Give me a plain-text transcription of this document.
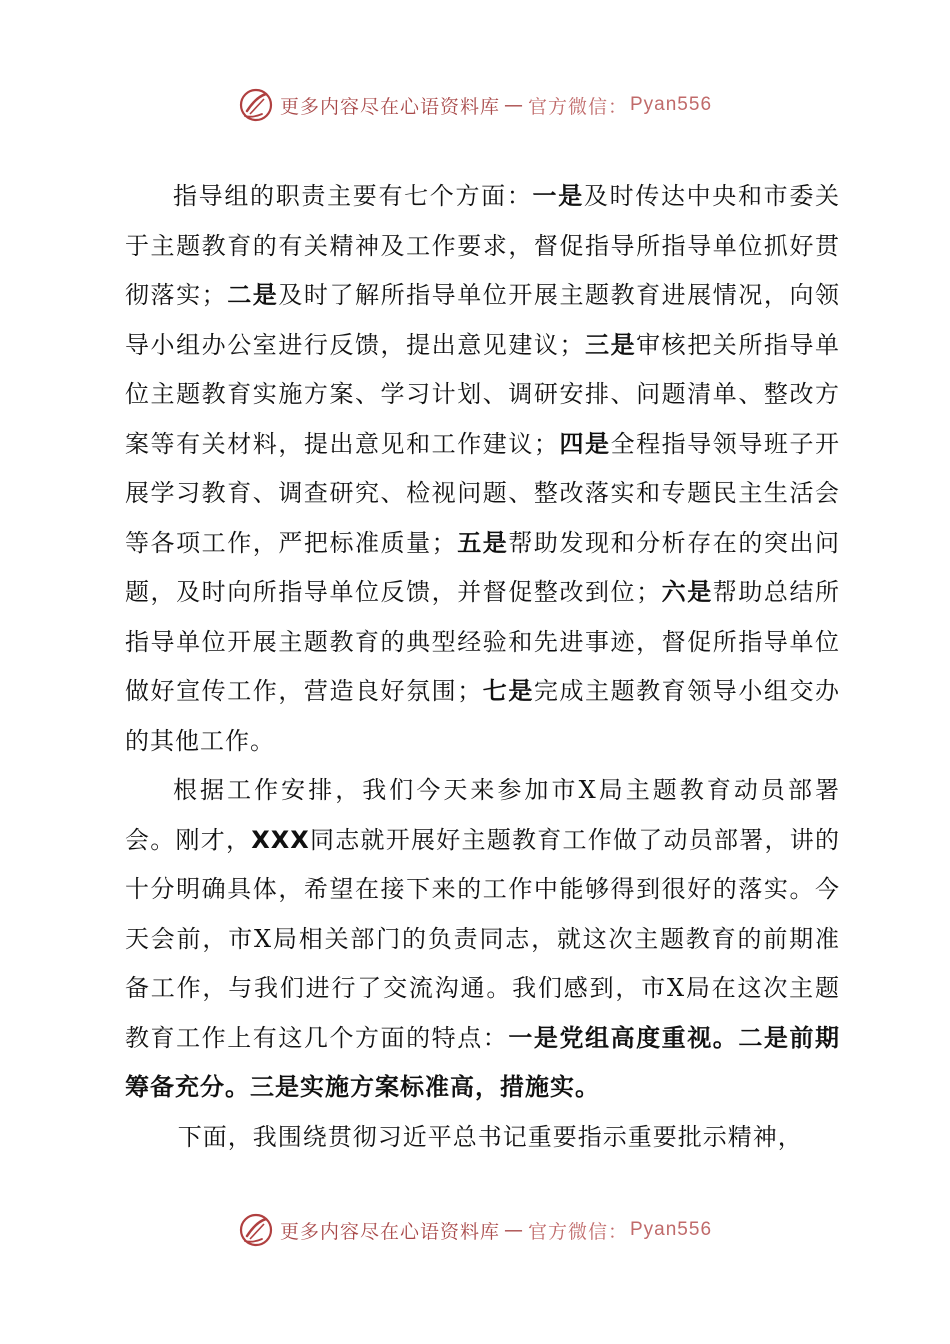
更多内容尽在心语资料库 — 官方微信： Pyan556

指导组的职责主要有七个方面：一是及时传达中央和市委关于主题教育的有关精神及工作要求，督促指导所指导单位抓好贯彻落实；二是及时了解所指导单位开展主题教育进展情况，向领导小组办公室进行反馈，提出意见建议；三是审核把关所指导单位主题教育实施方案、学习计划、调研安排、问题清单、整改方案等有关材料，提出意见和工作建议；四是全程指导领导班子开展学习教育、调查研究、检视问题、整改落实和专题民主生活会等各项工作，严把标准质量；五是帮助发现和分析存在的突出问题，及时向所指导单位反馈，并督促整改到位；六是帮助总结所指导单位开展主题教育的典型经验和先进事迹，督促所指导单位做好宣传工作，营造良好氛围；七是完成主题教育领导小组交办的其他工作。

根据工作安排，我们今天来参加市X局主题教育动员部署会。刚才，XXX同志就开展好主题教育工作做了动员部署，讲的十分明确具体，希望在接下来的工作中能够得到很好的落实。今天会前，市X局相关部门的负责同志，就这次主题教育的前期准备工作，与我们进行了交流沟通。我们感到，市X局在这次主题教育工作上有这几个方面的特点：一是党组高度重视。二是前期筹备充分。三是实施方案标准高，措施实。

下面，我围绕贯彻习近平总书记重要指示重要批示精神，

更多内容尽在心语资料库 — 官方微信： Pyan556
